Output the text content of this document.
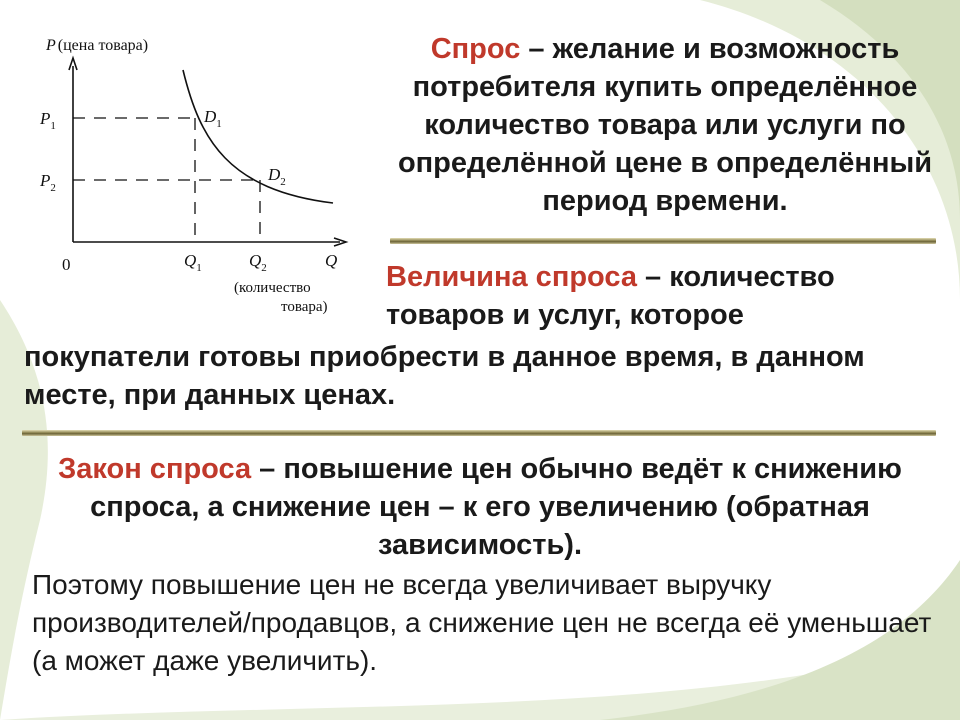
P (цена товара)
$P_1$
$P_2$
0	$Q_1$	$Q_2$	Q
(количество
товара)
$D_1$
$D_2$
Спрос – желание и возможность потребителя купить определённое количество товара или услуги по определённой цене в определённый период времени.
Величина спроса – количество товаров и услуг, которое
покупатели готовы приобрести в данное время, в данном месте, при данных ценах.
Закон спроса – повышение цен обычно ведёт к снижению спроса, а снижение цен – к его увеличению (обратная зависимость).
Поэтому повышение цен не всегда увеличивает выручку производителей/продавцов, а снижение цен не всегда её уменьшает (а может даже увеличить).
